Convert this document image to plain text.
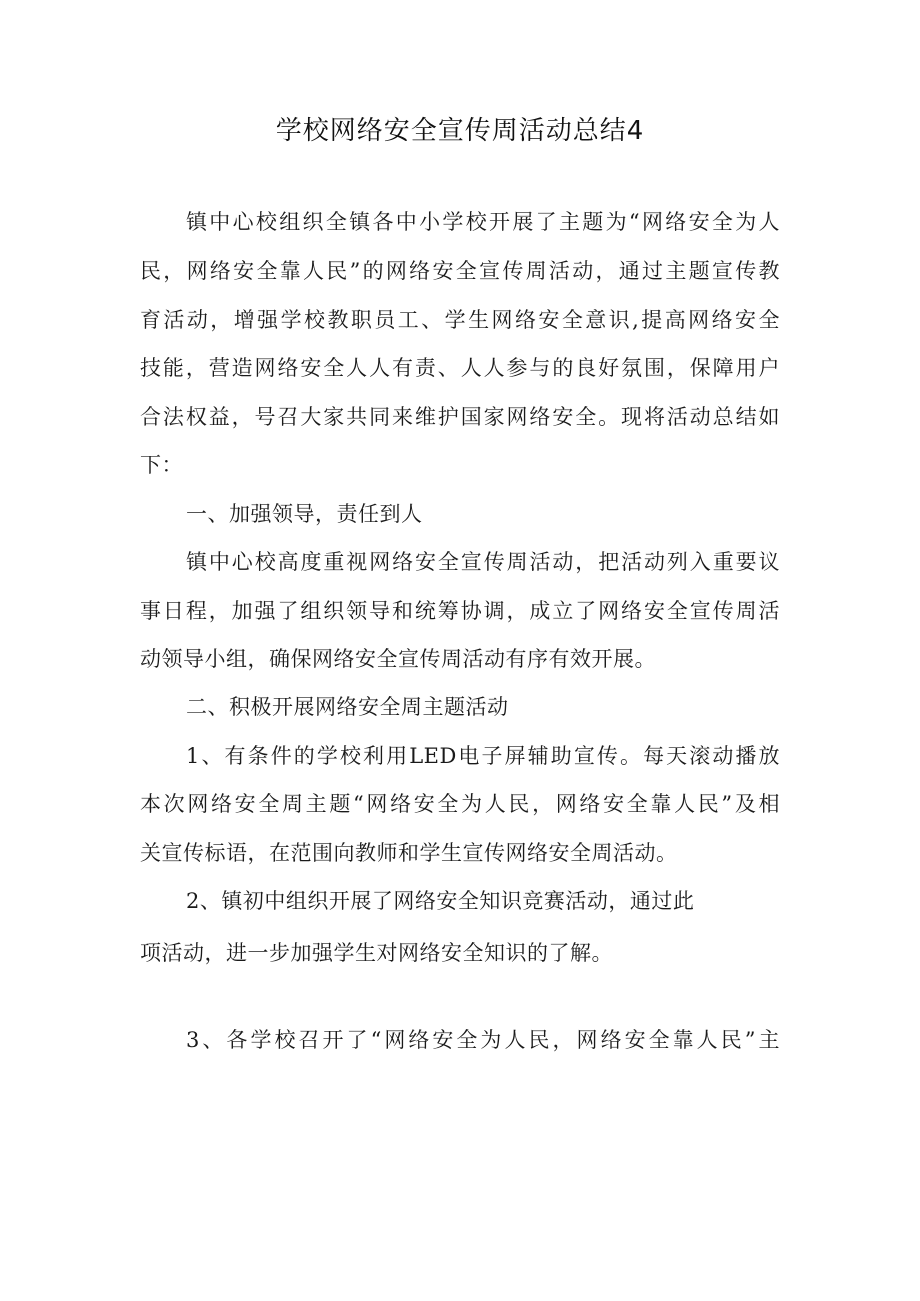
学校网络安全宣传周活动总结4

镇中心校组织全镇各中小学校开展了主题为“网络安全为人

民，网络安全靠人民”的网络安全宣传周活动，通过主题宣传教

育活动，增强学校教职员工、学生网络安全意识,提高网络安全

技能，营造网络安全人人有责、人人参与的良好氛围，保障用户

合法权益，号召大家共同来维护国家网络安全。现将活动总结如

下：

一、加强领导，责任到人

镇中心校高度重视网络安全宣传周活动，把活动列入重要议

事日程，加强了组织领导和统筹协调，成立了网络安全宣传周活

动领导小组，确保网络安全宣传周活动有序有效开展。

二、积极开展网络安全周主题活动

1、有条件的学校利用LED电子屏辅助宣传。每天滚动播放

本次网络安全周主题“网络安全为人民，网络安全靠人民”及相

关宣传标语，在范围向教师和学生宣传网络安全周活动。

2、镇初中组织开展了网络安全知识竞赛活动，通过此

项活动，进一步加强学生对网络安全知识的了解。

3、各学校召开了“网络安全为人民，网络安全靠人民”主
